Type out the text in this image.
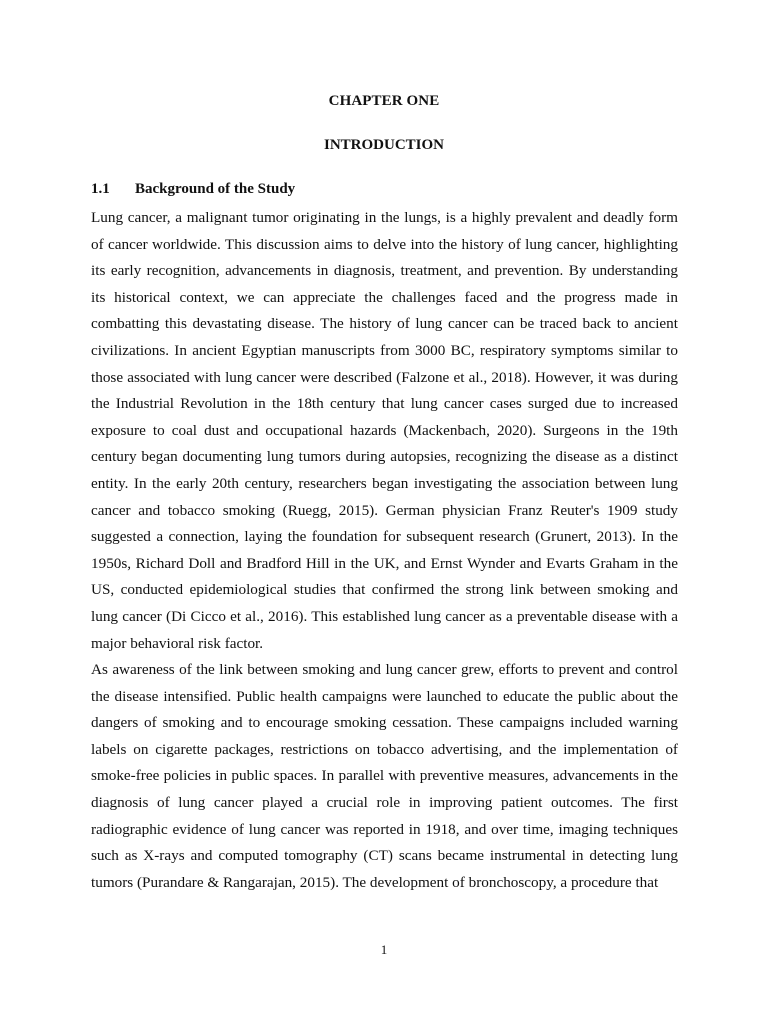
CHAPTER ONE
INTRODUCTION
1.1 Background of the Study

Lung cancer, a malignant tumor originating in the lungs, is a highly prevalent and deadly form of cancer worldwide. This discussion aims to delve into the history of lung cancer, highlighting its early recognition, advancements in diagnosis, treatment, and prevention. By understanding its historical context, we can appreciate the challenges faced and the progress made in combatting this devastating disease. The history of lung cancer can be traced back to ancient civilizations. In ancient Egyptian manuscripts from 3000 BC, respiratory symptoms similar to those associated with lung cancer were described (Falzone et al., 2018). However, it was during the Industrial Revolution in the 18th century that lung cancer cases surged due to increased exposure to coal dust and occupational hazards (Mackenbach, 2020). Surgeons in the 19th century began documenting lung tumors during autopsies, recognizing the disease as a distinct entity. In the early 20th century, researchers began investigating the association between lung cancer and tobacco smoking (Ruegg, 2015). German physician Franz Reuter's 1909 study suggested a connection, laying the foundation for subsequent research (Grunert, 2013). In the 1950s, Richard Doll and Bradford Hill in the UK, and Ernst Wynder and Evarts Graham in the US, conducted epidemiological studies that confirmed the strong link between smoking and lung cancer (Di Cicco et al., 2016). This established lung cancer as a preventable disease with a major behavioral risk factor.

As awareness of the link between smoking and lung cancer grew, efforts to prevent and control the disease intensified. Public health campaigns were launched to educate the public about the dangers of smoking and to encourage smoking cessation. These campaigns included warning labels on cigarette packages, restrictions on tobacco advertising, and the implementation of smoke-free policies in public spaces. In parallel with preventive measures, advancements in the diagnosis of lung cancer played a crucial role in improving patient outcomes. The first radiographic evidence of lung cancer was reported in 1918, and over time, imaging techniques such as X-rays and computed tomography (CT) scans became instrumental in detecting lung tumors (Purandare & Rangarajan, 2015). The development of bronchoscopy, a procedure that

1
